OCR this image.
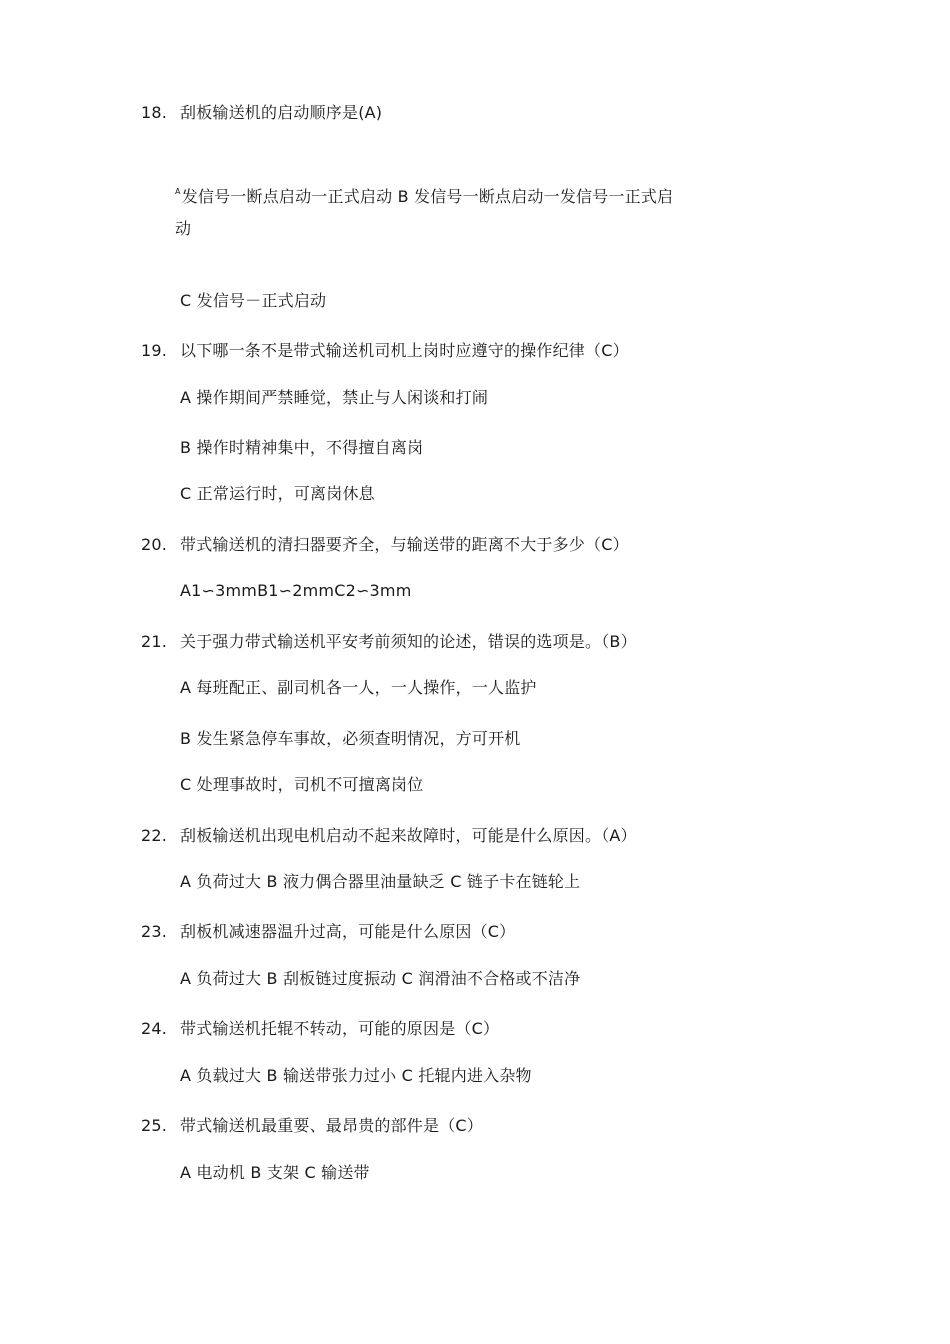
18. 刮板输送机的启动顺序是(A)
$^A$发信号一断点启动一正式启动 B 发信号一断点启动一发信号一正式启
动
C 发信号－正式启动
19. 以下哪一条不是带式输送机司机上岗时应遵守的操作纪律（C）
A 操作期间严禁睡觉，禁止与人闲谈和打闹
B 操作时精神集中，不得擅自离岗
C 正常运行时，可离岗休息
20. 带式输送机的清扫器要齐全，与输送带的距离不大于多少（C）
A1∽3mmB1∽2mmC2∽3mm
21. 关于强力带式输送机平安考前须知的论述，错误的选项是。（B）
A 每班配正、副司机各一人，一人操作，一人监护
B 发生紧急停车事故，必须查明情况，方可开机
C 处理事故时，司机不可擅离岗位
22. 刮板输送机出现电机启动不起来故障时，可能是什么原因。（A）
A 负荷过大 B 液力偶合器里油量缺乏 C 链子卡在链轮上
23. 刮板机减速器温升过高，可能是什么原因（C）
A 负荷过大 B 刮板链过度振动 C 润滑油不合格或不洁净
24. 带式输送机托辊不转动，可能的原因是（C）
A 负载过大 B 输送带张力过小 C 托辊内进入杂物
25. 带式输送机最重要、最昂贵的部件是（C）
A 电动机 B 支架 C 输送带
